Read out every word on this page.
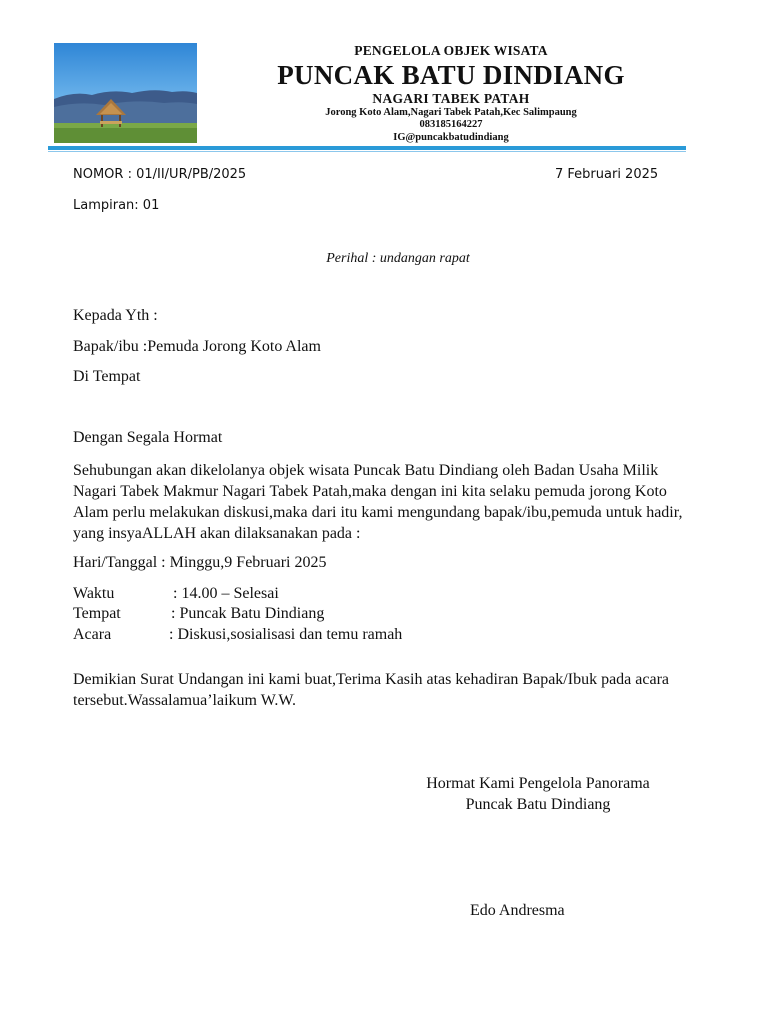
PENGELOLA OBJEK WISATA
PUNCAK BATU DINDIANG
NAGARI TABEK PATAH
Jorong Koto Alam,Nagari Tabek Patah,Kec Salimpaung
083185164227
IG@puncakbatudindiang
NOMOR : 01/II/UR/PB/2025	7 Februari 2025
Lampiran: 01
Perihal : undangan rapat
Kepada Yth :
Bapak/ibu :Pemuda Jorong Koto Alam
Di Tempat
Dengan Segala Hormat
Sehubungan akan dikelolanya objek wisata Puncak Batu Dindiang oleh Badan Usaha Milik Nagari Tabek Makmur Nagari Tabek Patah,maka dengan ini kita selaku pemuda jorong Koto Alam perlu melakukan diskusi,maka dari itu kami mengundang bapak/ibu,pemuda untuk hadir, yang insyaALLAH akan dilaksanakan pada :
Hari/Tanggal : Minggu,9 Februari 2025
Waktu	: 14.00 – Selesai
Tempat	: Puncak Batu Dindiang
Acara	: Diskusi,sosialisasi dan temu ramah
Demikian Surat Undangan ini kami buat,Terima Kasih atas kehadiran Bapak/Ibuk pada acara tersebut.Wassalamua’laikum W.W.
Hormat Kami Pengelola Panorama
Puncak Batu Dindiang
Edo Andresma
